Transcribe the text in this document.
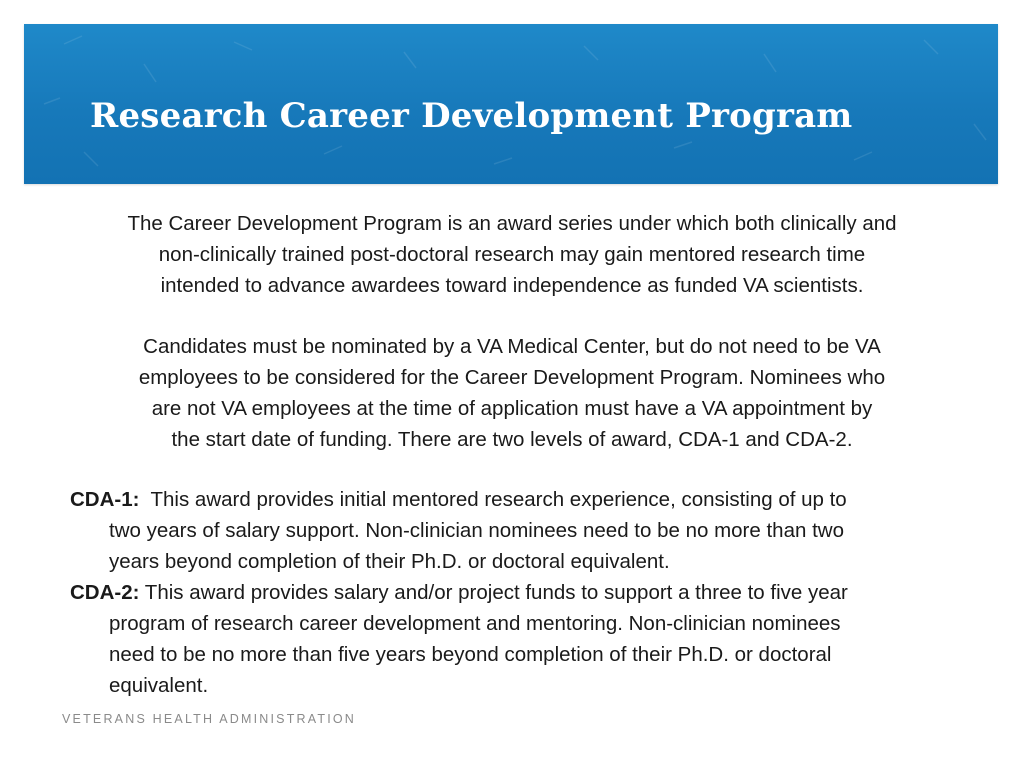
Research Career Development Program
The Career Development Program is an award series under which both clinically and
non-clinically trained post-doctoral research may gain mentored research time
intended to advance awardees toward independence as funded VA scientists.
Candidates must be nominated by a VA Medical Center, but do not need to be VA
employees to be considered for the Career Development Program. Nominees who
are not VA employees at the time of application must have a VA appointment by
the start date of funding. There are two levels of award, CDA-1 and CDA-2.
CDA-1:  This award provides initial mentored research experience, consisting of up to
two years of salary support. Non-clinician nominees need to be no more than two
years beyond completion of their Ph.D. or doctoral equivalent.
CDA-2: This award provides salary and/or project funds to support a three to five year
program of research career development and mentoring. Non-clinician nominees
need to be no more than five years beyond completion of their Ph.D. or doctoral
equivalent.
VETERANS HEALTH ADMINISTRATION
